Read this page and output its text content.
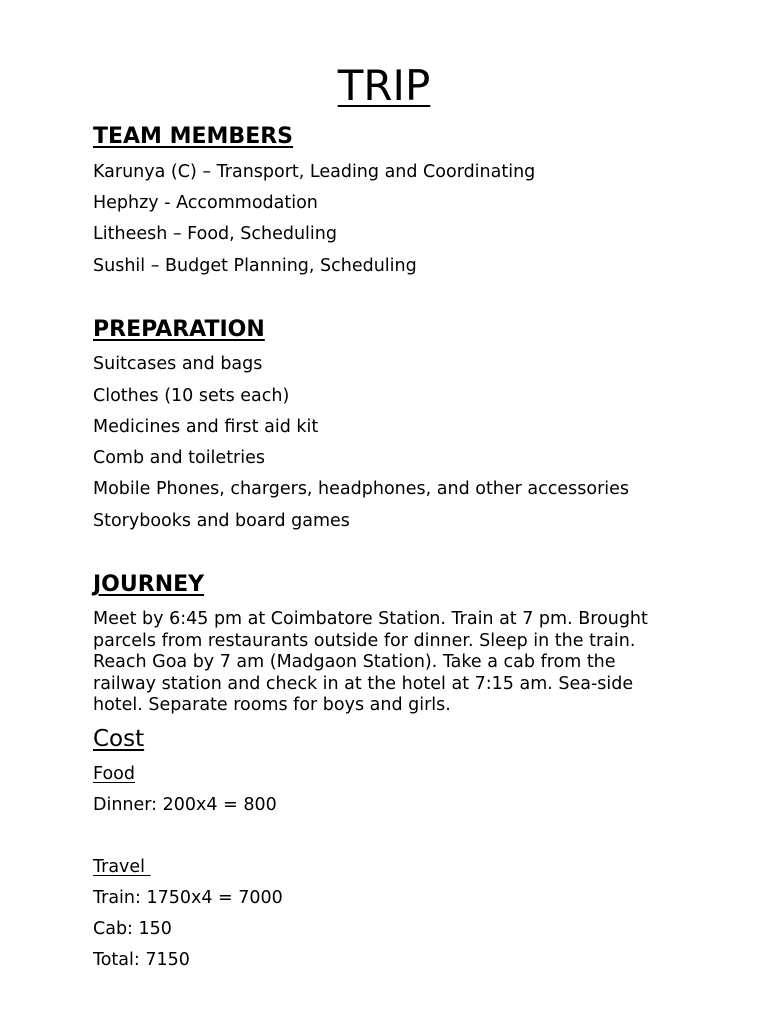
TRIP
TEAM MEMBERS
Karunya (C) – Transport, Leading and Coordinating
Hephzy - Accommodation
Litheesh – Food, Scheduling
Sushil – Budget Planning, Scheduling
PREPARATION
Suitcases and bags
Clothes (10 sets each)
Medicines and first aid kit
Comb and toiletries
Mobile Phones, chargers, headphones, and other accessories
Storybooks and board games
JOURNEY
Meet by 6:45 pm at Coimbatore Station. Train at 7 pm. Brought parcels from restaurants outside for dinner. Sleep in the train. Reach Goa by 7 am (Madgaon Station). Take a cab from the railway station and check in at the hotel at 7:15 am. Sea-side hotel. Separate rooms for boys and girls.
Cost
Food
Dinner: 200x4 = 800
Travel
Train: 1750x4 = 7000
Cab: 150
Total: 7150
